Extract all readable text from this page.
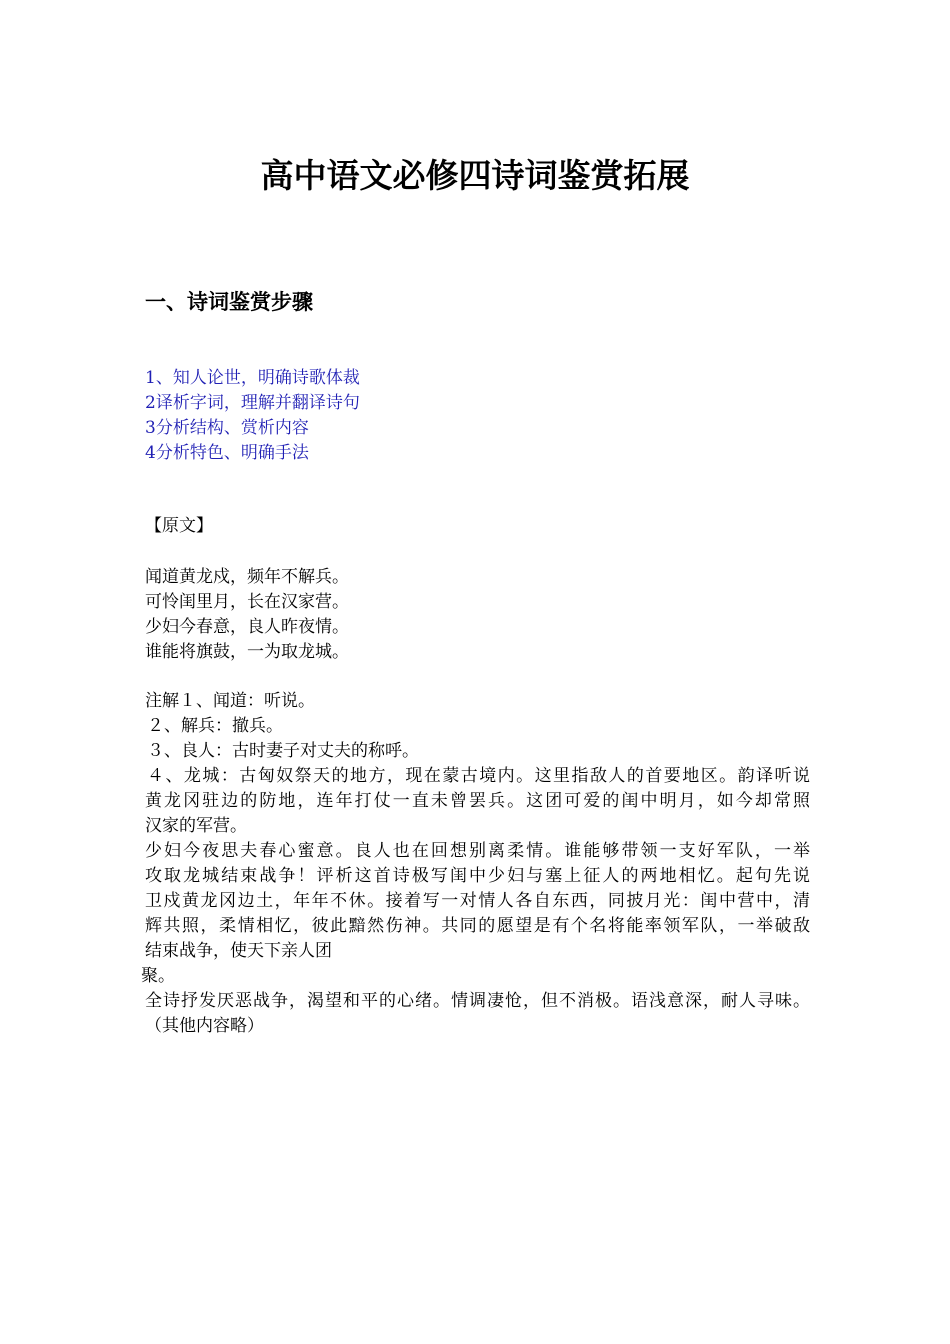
高中语文必修四诗词鉴赏拓展
一、诗词鉴赏步骤
1、知人论世，明确诗歌体裁
2译析字词，理解并翻译诗句
3分析结构、赏析内容
4分析特色、明确手法
【原文】
闻道黄龙戍，频年不解兵。
可怜闺里月，长在汉家营。
少妇今春意，良人昨夜情。
谁能将旗鼓，一为取龙城。
注解１、闻道：听说。
２、解兵：撤兵。
３、良人：古时妻子对丈夫的称呼。
４、龙城：古匈奴祭天的地方，现在蒙古境内。这里指敌人的首要地区。韵译听说
黄龙冈驻边的防地，连年打仗一直未曾罢兵。这团可爱的闺中明月，如今却常照
汉家的军营。
少妇今夜思夫春心蜜意。良人也在回想别离柔情。谁能够带领一支好军队，一举
攻取龙城结束战争！评析这首诗极写闺中少妇与塞上征人的两地相忆。起句先说
卫戍黄龙冈边土，年年不休。接着写一对情人各自东西，同披月光：闺中营中，清
辉共照，柔情相忆，彼此黯然伤神。共同的愿望是有个名将能率领军队，一举破敌
结束战争，使天下亲人团
聚。
全诗抒发厌恶战争，渴望和平的心绪。情调凄怆，但不消极。语浅意深，耐人寻味。
（其他内容略）
